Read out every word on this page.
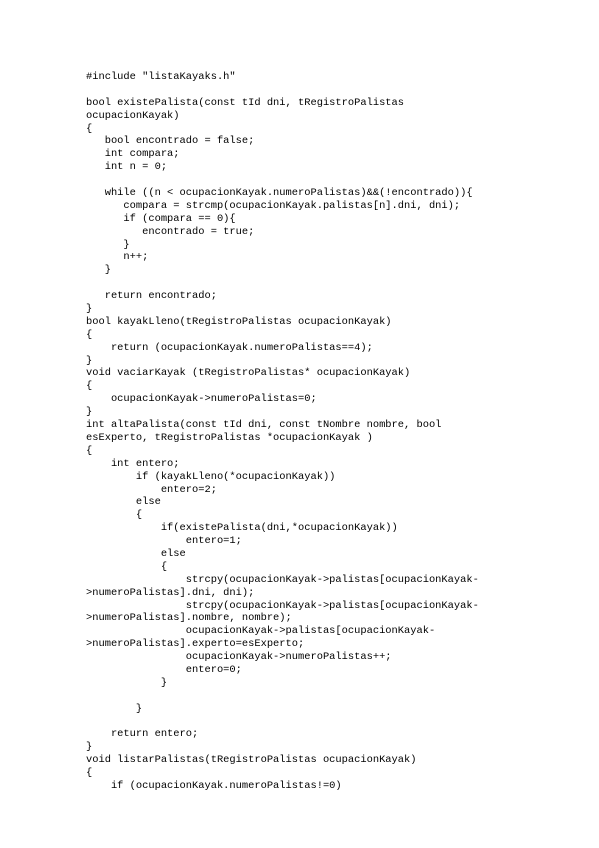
#include "listaKayaks.h"
bool existePalista(const tId dni, tRegistroPalistas
ocupacionKayak)
{
bool encontrado = false;
int compara;
int n = 0;
while ((n < ocupacionKayak.numeroPalistas)&&(!encontrado)){
compara = strcmp(ocupacionKayak.palistas[n].dni, dni);
if (compara == 0){
encontrado = true;
}
n++;
}
return encontrado;
}
bool kayakLleno(tRegistroPalistas ocupacionKayak)
{
return (ocupacionKayak.numeroPalistas==4);
}
void vaciarKayak (tRegistroPalistas* ocupacionKayak)
{
ocupacionKayak->numeroPalistas=0;
}
int altaPalista(const tId dni, const tNombre nombre, bool
esExperto, tRegistroPalistas *ocupacionKayak )
{
int entero;
if (kayakLleno(*ocupacionKayak))
entero=2;
else
{
if(existePalista(dni,*ocupacionKayak))
entero=1;
else
{
strcpy(ocupacionKayak->palistas[ocupacionKayak-
>numeroPalistas].dni, dni);
strcpy(ocupacionKayak->palistas[ocupacionKayak-
>numeroPalistas].nombre, nombre);
ocupacionKayak->palistas[ocupacionKayak-
>numeroPalistas].experto=esExperto;
ocupacionKayak->numeroPalistas++;
entero=0;
}
}
return entero;
}
void listarPalistas(tRegistroPalistas ocupacionKayak)
{
if (ocupacionKayak.numeroPalistas!=0)
